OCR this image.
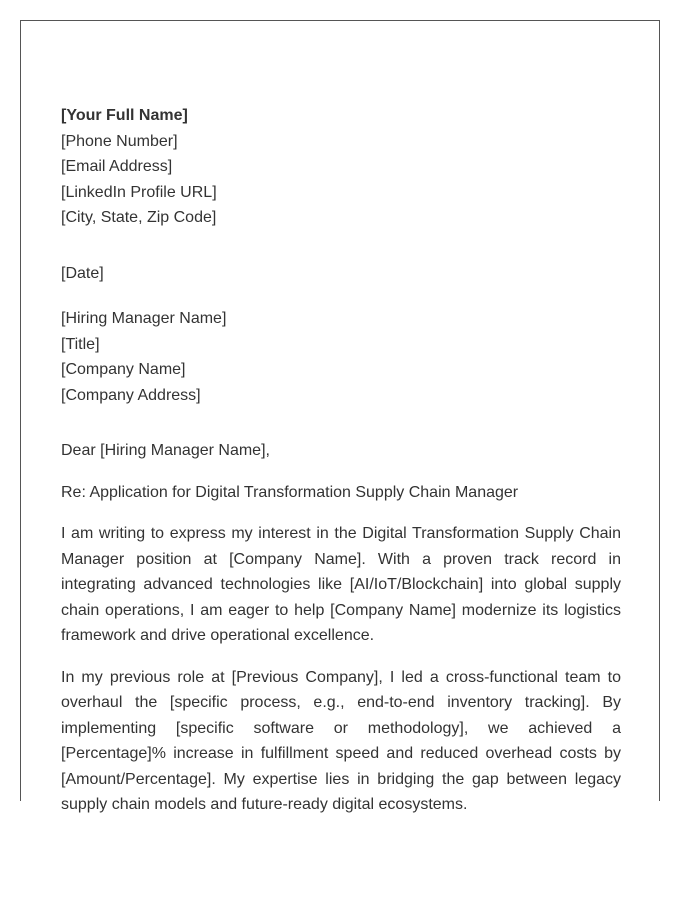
[Your Full Name]

[Phone Number]

[Email Address]

[LinkedIn Profile URL]

[City, State, Zip Code]

[Date]

[Hiring Manager Name]

[Title]

[Company Name]

[Company Address]

Dear [Hiring Manager Name],

Re: Application for Digital Transformation Supply Chain Manager

I am writing to express my interest in the Digital Transformation Supply Chain Manager position at [Company Name]. With a proven track record in integrating advanced technologies like [AI/IoT/Blockchain] into global supply chain operations, I am eager to help [Company Name] modernize its logistics framework and drive operational excellence.

In my previous role at [Previous Company], I led a cross-functional team to overhaul the [specific process, e.g., end-to-end inventory tracking]. By implementing [specific software or methodology], we achieved a [Percentage]% increase in fulfillment speed and reduced overhead costs by [Amount/Percentage]. My expertise lies in bridging the gap between legacy supply chain models and future-ready digital ecosystems.
